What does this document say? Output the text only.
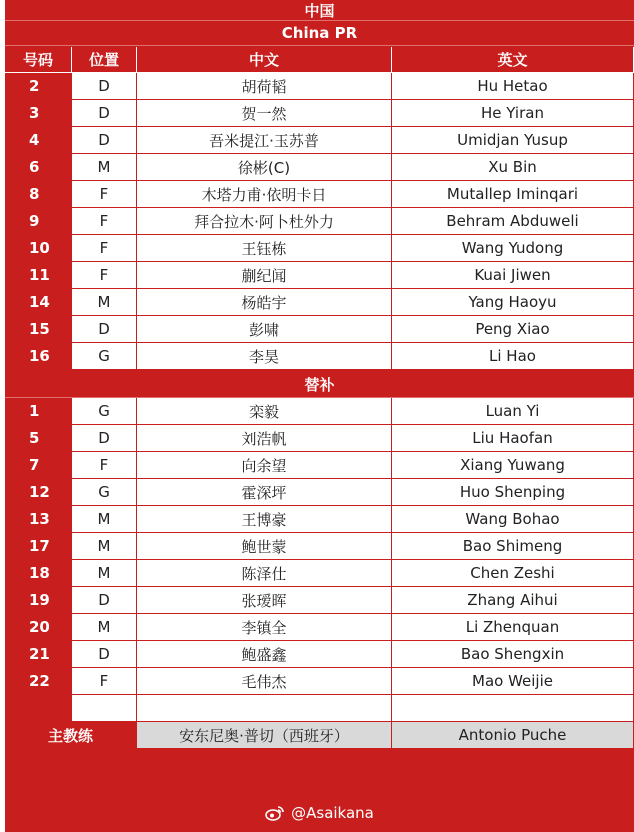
中国
China PR
号码	位置	中文	英文
2	D	胡荷韬	Hu Hetao
3	D	贺一然	He Yiran
4	D	吾米提江·玉苏普	Umidjan Yusup
6	M	徐彬(C)	Xu Bin
8	F	木塔力甫·依明卡日	Mutallep Iminqari
9	F	拜合拉木·阿卜杜外力	Behram Abduweli
10	F	王钰栋	Wang Yudong
11	F	蒯纪闻	Kuai Jiwen
14	M	杨皓宇	Yang Haoyu
15	D	彭啸	Peng Xiao
16	G	李昊	Li Hao
替补
1	G	栾毅	Luan Yi
5	D	刘浩帆	Liu Haofan
7	F	向余望	Xiang Yuwang
12	G	霍深坪	Huo Shenping
13	M	王博豪	Wang Bohao
17	M	鲍世蒙	Bao Shimeng
18	M	陈泽仕	Chen Zeshi
19	D	张瑷晖	Zhang Aihui
20	M	李镇全	Li Zhenquan
21	D	鲍盛鑫	Bao Shengxin
22	F	毛伟杰	Mao Weijie
主教练	安东尼奥·普切（西班牙）	Antonio Puche
@Asaikana
